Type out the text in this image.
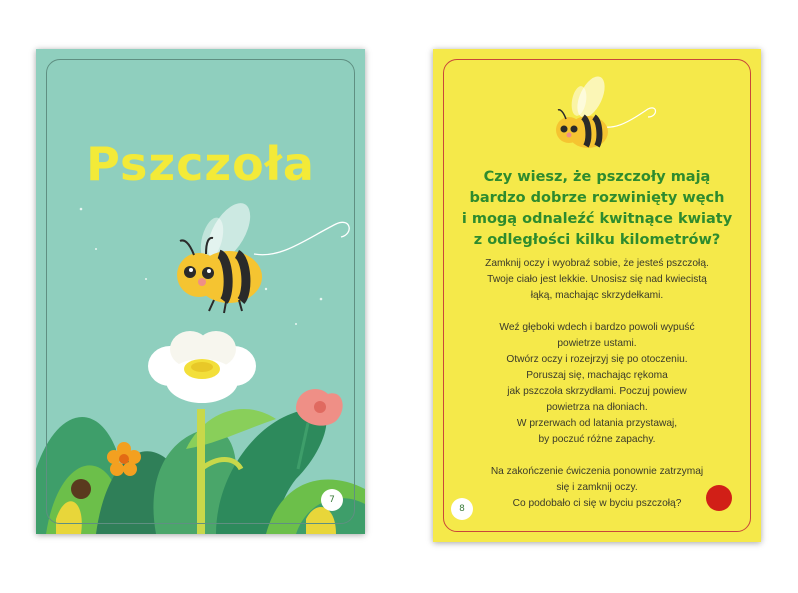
Pszczoła
7
Czy wiesz, że pszczoły mają
bardzo dobrze rozwinięty węch
i mogą odnaleźć kwitnące kwiaty
z odległości kilku kilometrów?
Zamknij oczy i wyobraź sobie, że jesteś pszczołą.
Twoje ciało jest lekkie. Unosisz się nad kwiecistą
łąką, machając skrzydełkami.
Weź głęboki wdech i bardzo powoli wypuść
powietrze ustami.
Otwórz oczy i rozejrzyj się po otoczeniu.
Poruszaj się, machając rękoma
jak pszczoła skrzydłami. Poczuj powiew
powietrza na dłoniach.
W przerwach od latania przystawaj,
by poczuć różne zapachy.
Na zakończenie ćwiczenia ponownie zatrzymaj
się i zamknij oczy.
Co podobało ci się w byciu pszczołą?
8
